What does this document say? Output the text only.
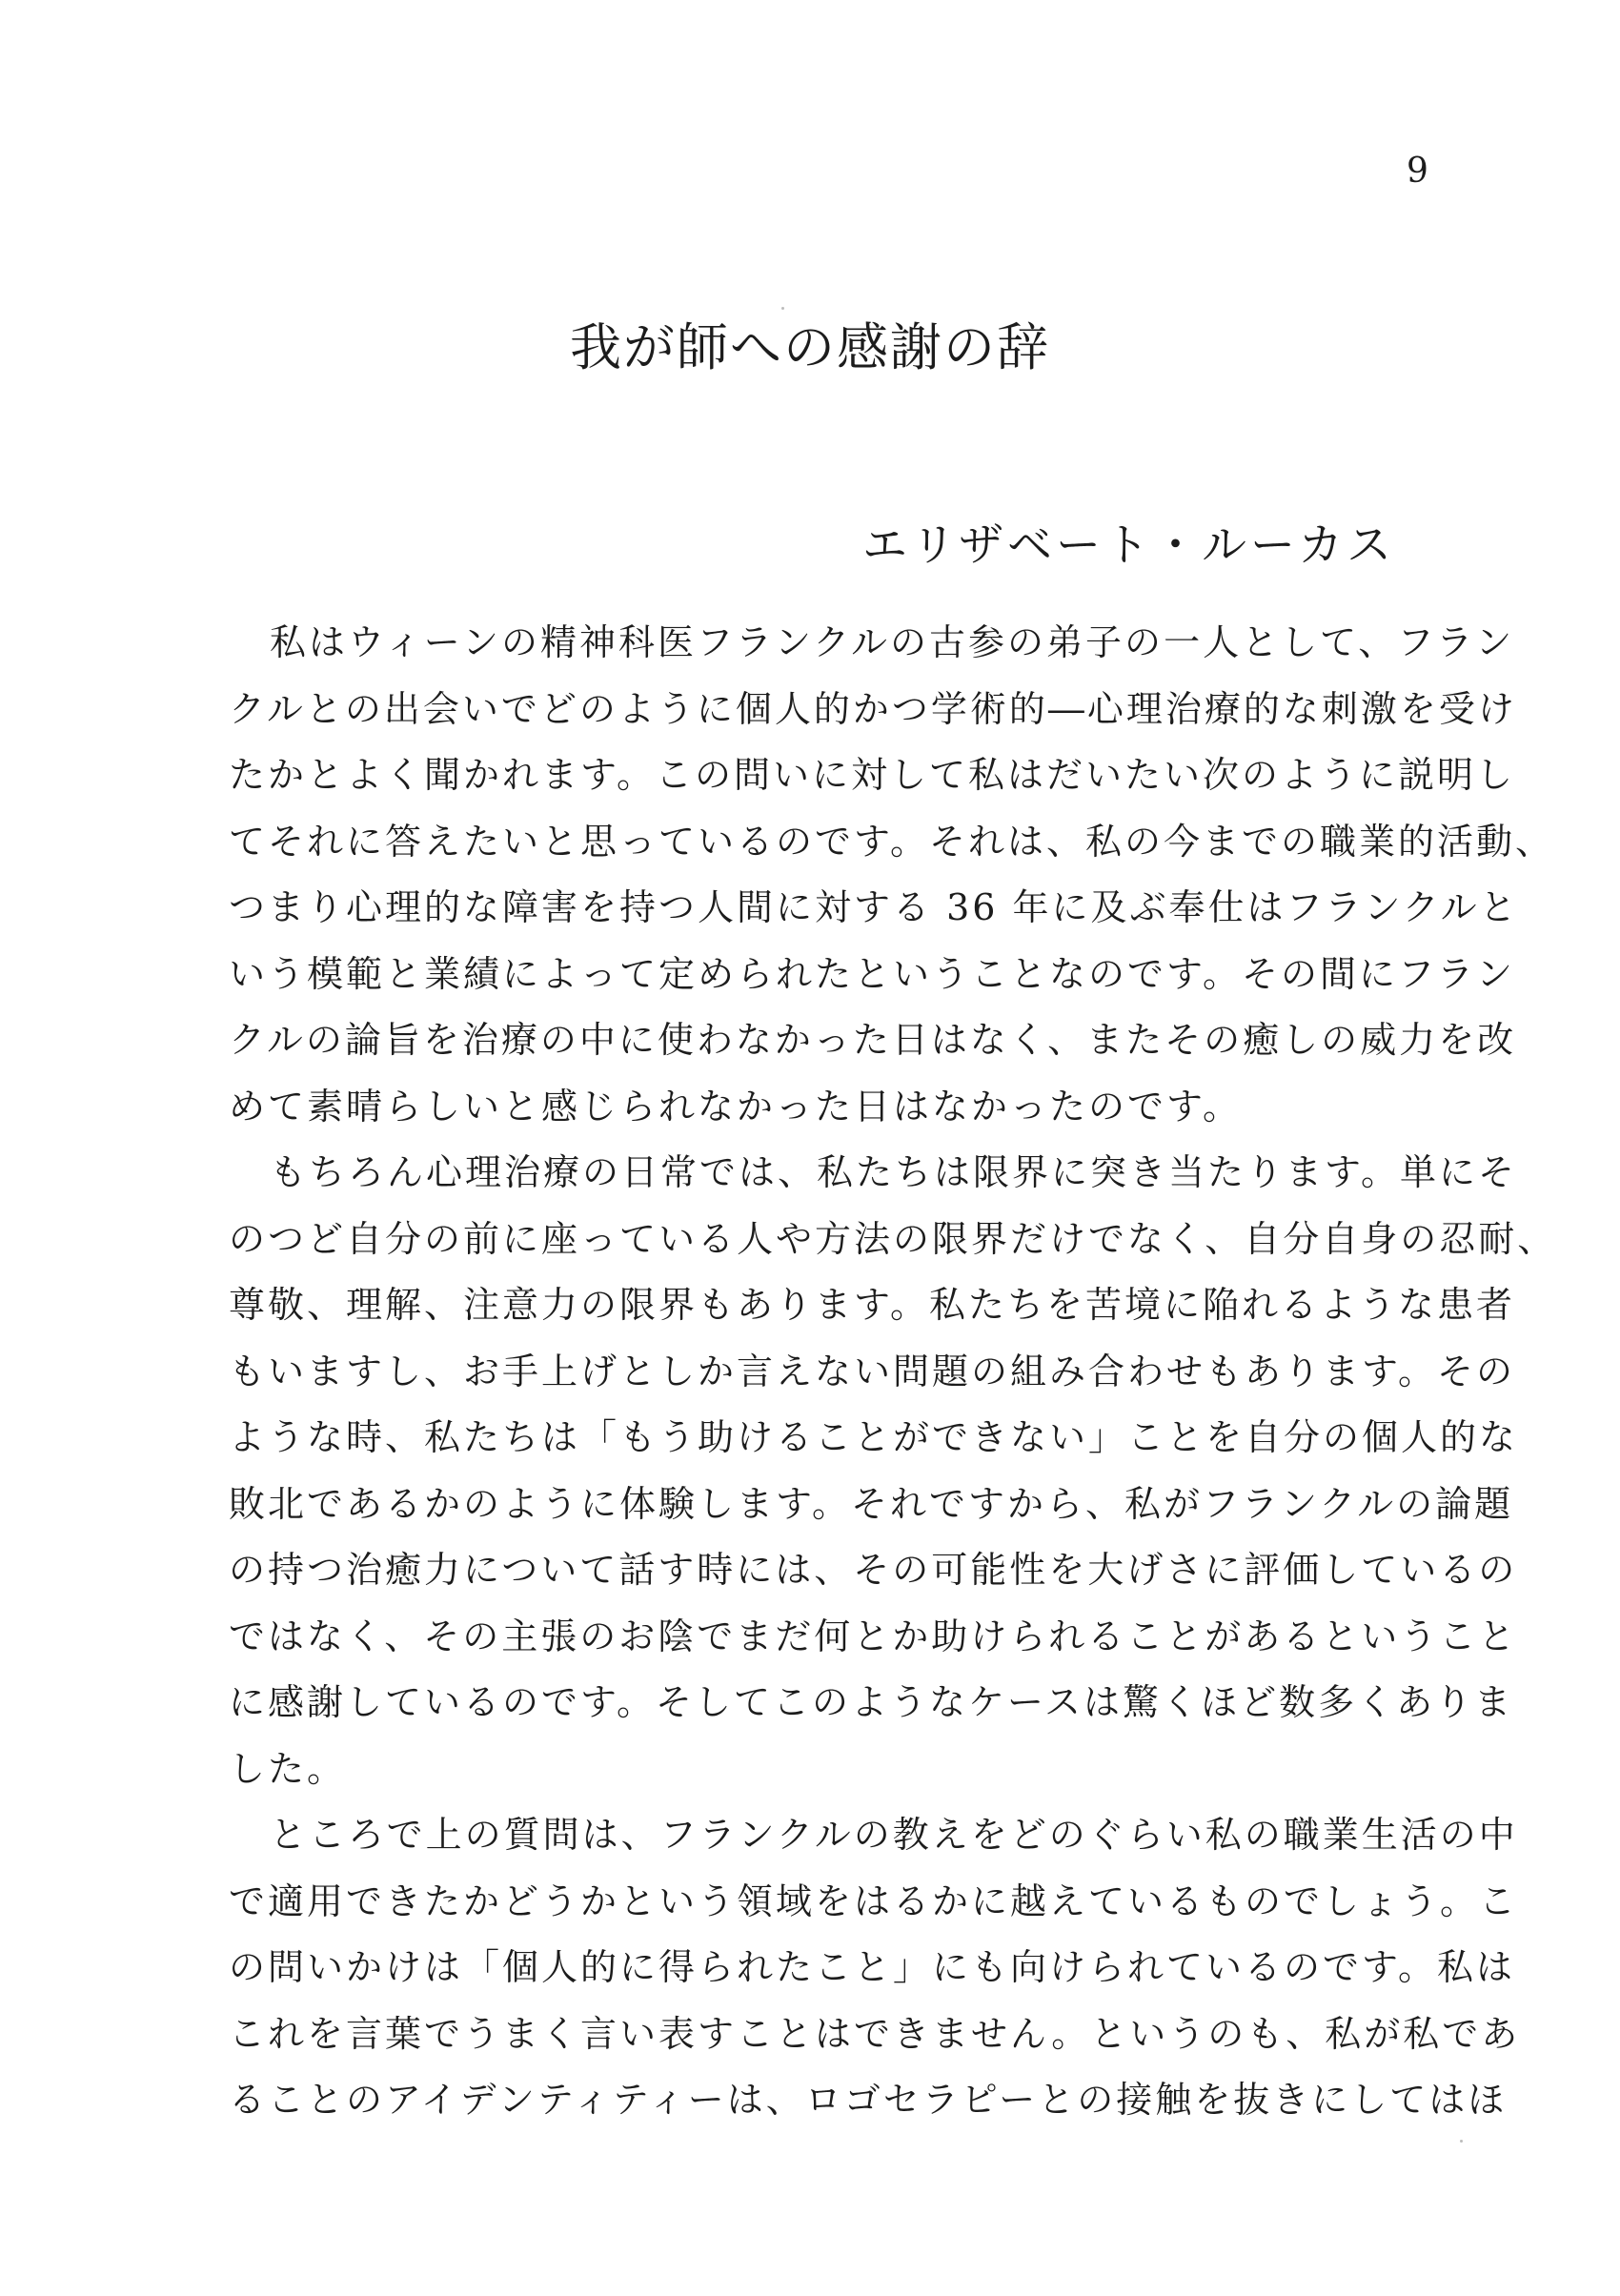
9
我が師への感謝の辞
エリザベート・ルーカス
私はウィーンの精神科医フランクルの古参の弟子の一人として、フラン
クルとの出会いでどのように個人的かつ学術的―心理治療的な刺激を受け
たかとよく聞かれます。この問いに対して私はだいたい次のように説明し
てそれに答えたいと思っているのです。それは、私の今までの職業的活動、
つまり心理的な障害を持つ人間に対する 36 年に及ぶ奉仕はフランクルと
いう模範と業績によって定められたということなのです。その間にフラン
クルの論旨を治療の中に使わなかった日はなく、またその癒しの威力を改
めて素晴らしいと感じられなかった日はなかったのです。
もちろん心理治療の日常では、私たちは限界に突き当たります。単にそ
のつど自分の前に座っている人や方法の限界だけでなく、自分自身の忍耐、
尊敬、理解、注意力の限界もあります。私たちを苦境に陥れるような患者
もいますし、お手上げとしか言えない問題の組み合わせもあります。その
ような時、私たちは「もう助けることができない」ことを自分の個人的な
敗北であるかのように体験します。それですから、私がフランクルの論題
の持つ治癒力について話す時には、その可能性を大げさに評価しているの
ではなく、その主張のお陰でまだ何とか助けられることがあるということ
に感謝しているのです。そしてこのようなケースは驚くほど数多くありま
した。
ところで上の質問は、フランクルの教えをどのぐらい私の職業生活の中
で適用できたかどうかという領域をはるかに越えているものでしょう。こ
の問いかけは「個人的に得られたこと」にも向けられているのです。私は
これを言葉でうまく言い表すことはできません。というのも、私が私であ
ることのアイデンティティーは、ロゴセラピーとの接触を抜きにしてはほ
